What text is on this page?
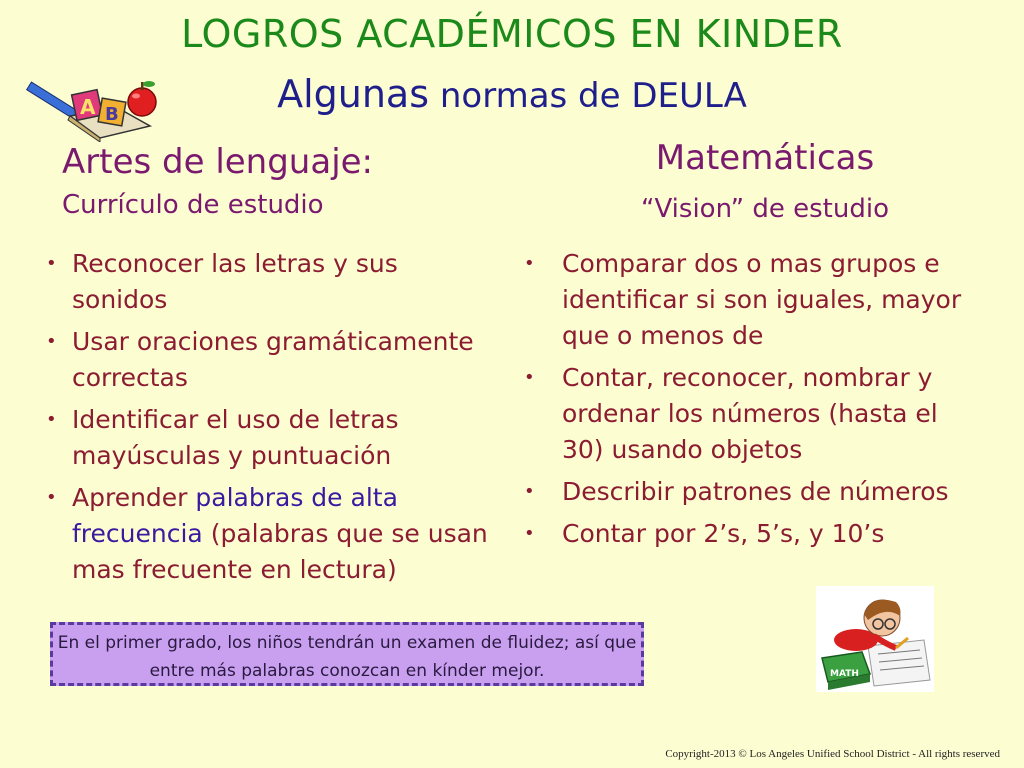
LOGROS ACADÉMICOS EN KINDER
Algunas normas de DEULA
A B
Artes de lenguaje:
Currículo de estudio
Matemáticas
“Vision” de estudio
• Reconocer las letras y sus sonidos
• Usar oraciones gramáticamente correctas
• Identificar el uso de letras mayúsculas y puntuación
• Aprender palabras de alta frecuencia (palabras que se usan mas frecuente en lectura)
• Comparar dos o mas grupos e identificar si son iguales, mayor que o menos de
• Contar, reconocer, nombrar y ordenar los números (hasta el 30) usando objetos
• Describir patrones de números
• Contar por 2’s, 5’s, y 10’s
En el primer grado, los niños tendrán un examen de fluidez; así que
entre más palabras conozcan en kínder mejor.	MATH
Copyright-2013 © Los Angeles Unified School District - All rights reserved
